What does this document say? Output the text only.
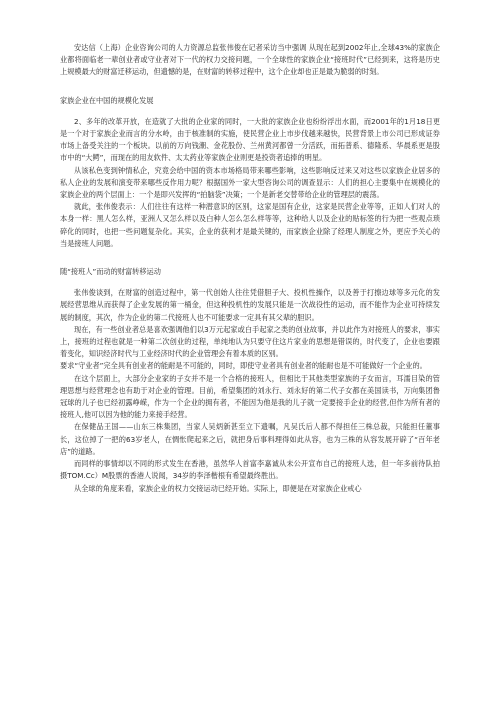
安达信（上海）企业咨询公司的人力资源总监张伟俊在记者采访当中强调 从现在起到2002年止,全球43%的家族企业都将面临老一辈创业者或守业者对下一代的权力交接问题，一个全球性的家族企业“接班时代”已经到来，这将是历史上规模最大的财富迁移运动，但遗憾的是，在财富的转移过程中，这个企业却也正是最为脆弱的时刻。

家族企业在中国的规模化发展

2、多年的改革开放，在造就了大批的企业家的同时，一大批的家族企业也纷纷浮出水面，而2001年的1月18日更是一个对于家族企业而言的分水岭，由于核准制的实施，使民营企业上市步伐越来越快，民营背景上市公司已形成证券市场上备受关注的一个板块。以前的万向钱潮、金花股份、兰州黄河都曾一分活跃，而拓普系、德隆系、华晨系更是股市中的“大鳄”，而现在的用友软件、太太药业等家族企业则更是投资者追捧的明星。

从该私色变到钟情私企，究竟会给中国的资本市场格局带来哪些影响，这些影响反过来又对这些以家族企业居多的私人企业的发展和演变带来哪些反作用力呢？根据国外一家大型咨询公司的调查显示：人们的担心主要集中在规模化的家族企业的两个层面上：一个是即兴发挥的“拍脑袋”决策；一个是新老交替带给企业的管理层的震荡。

就此，张伟俊表示：人们往往有这样一种潜意识的区别，这家是国有企业，这家是民营企业等等，正如人们对人的本身一样：黑人怎么样，亚洲人又怎么样以及白种人怎么怎么样等等，这种给人以及企业的贴标签的行为把一些观点琐碎化的同时，也把一些问题复杂化。其实，企业的获利才是最关键的，而家族企业除了经理人制度之外，更应予关心的当是接班人问题。

随“接班人”而动的财富转移运动

张伟俊谈到，在财富的创造过程中，第一代创始人往往凭借胆子大、投机性操作，以及善于打擦边球等多元化的发展经营思维从而获得了企业发展的第一桶金，但这种投机性的发展只能是一次战役性的运动，而不能作为企业可持续发展的制度，其次，作为企业的第二代接班人也不可能要求一定具有其父辈的胆识。

现在，有一些创业者总是喜欢强调他们以3万元起家或白手起家之类的创业故事，并以此作为对接班人的要求，事实上，接班的过程也就是一种第二次创业的过程，单纯地认为只要守住这片家业的思想是错误的，时代变了，企业也要跟着变化，知识经济时代与工业经济时代的企业管理会有着本质的区别。

要求“守业者”完全具有创业者的能耐是不可能的，同时，即使守业者具有创业者的能耐也是不可能做好一个企业的。

在这个层面上，大部分企业家的子女并不是一个合格的接班人，但相比于其他类型家族的子女而言，耳濡目染的管理思想与经营理念也有助于对企业的管理。目前，希望集团的刘永行、刘永好的第二代子女都在美国读书，万向集团鲁冠球的儿子也已经初露峥嵘，作为一个企业的拥有者，不能因为他是我的儿子就一定要接手企业的经营,但作为所有者的接班人,他可以因为他的能力来接手经营。

在保健品王国——山东三株集团，当家人吴炳新甚至立下遗嘱，凡吴氏后人都不得担任三株总裁，只能担任董事长，这位掉了一把的63岁老人，在惆怅爬起来之后，就把身后事料理得如此从容，也为三株的从容发展开辟了“百年老店”的道路。

而同样的事情却以不同的形式发生在香港，虽然华人首富李嘉诚从未公开宣布自己的接班人选，但一年多前待队拍摄TOM.Cc）M股票的香港人说闻，34岁的李泽楷根有希望最终胜出。

从全球的角度来看，家族企业的权力交接运动已经开始。实际上，即便是在对家族企业戒心
